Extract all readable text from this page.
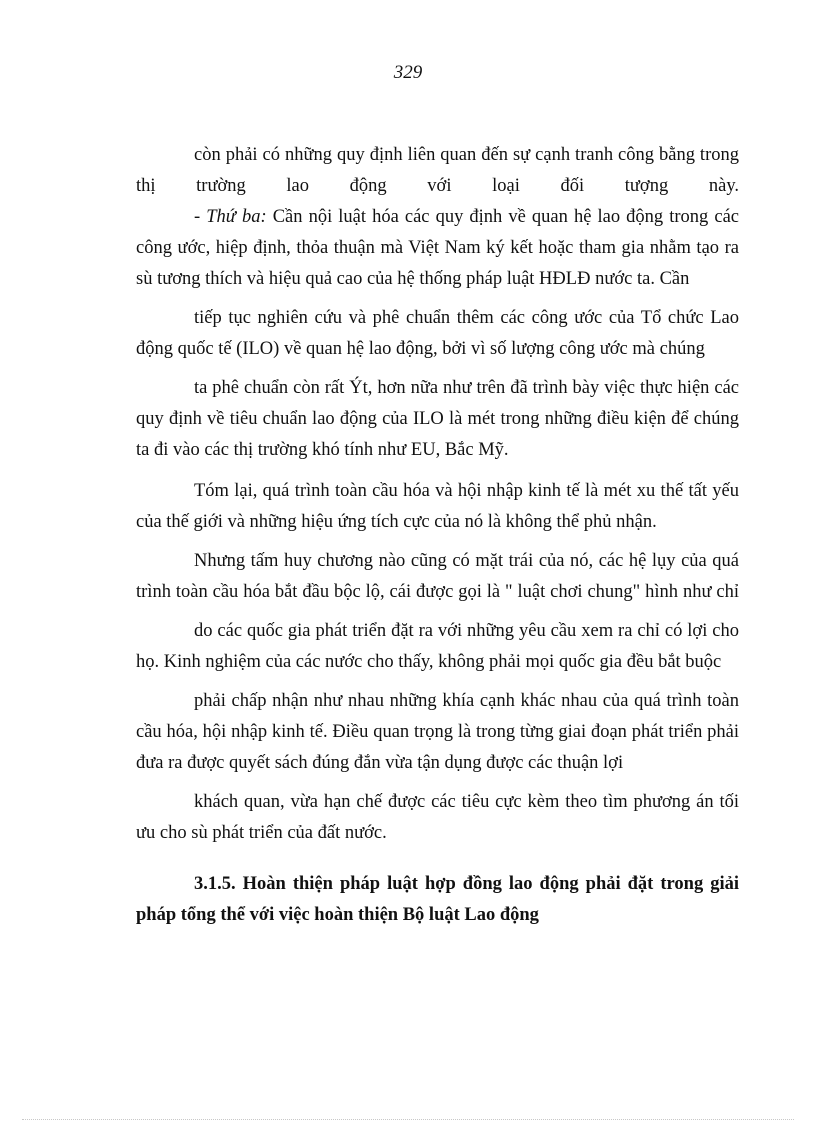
329

còn phải có những quy định liên quan đến sự cạnh tranh công bằng trong thị trường lao động với loại đối tượng này.

- Thứ ba: Cần nội luật hóa các quy định về quan hệ lao động trong các công ước, hiệp định, thỏa thuận mà Việt Nam ký kết hoặc tham gia nhằm tạo ra sù tương thích và hiệu quả cao của hệ thống pháp luật HĐLĐ nước ta. Cần

tiếp tục nghiên cứu và phê chuẩn thêm các công ước của Tổ chức Lao động quốc tế (ILO) về quan hệ lao động, bởi vì số lượng công ước mà chúng

ta phê chuẩn còn rất Ýt, hơn nữa như trên đã trình bày việc thực hiện các quy định về tiêu chuẩn lao động của ILO là mét trong những điều kiện để chúng ta đi vào các thị trường khó tính như EU, Bắc Mỹ.

Tóm lại, quá trình toàn cầu hóa và hội nhập kinh tế là mét xu thế tất yếu của thế giới và những hiệu ứng tích cực của nó là không thể phủ nhận.

Nhưng tấm huy chương nào cũng có mặt trái của nó, các hệ lụy của quá trình toàn cầu hóa bắt đầu bộc lộ, cái được gọi là " luật chơi chung" hình như chỉ

do các quốc gia phát triển đặt ra với những yêu cầu xem ra chỉ có lợi cho họ. Kinh nghiệm của các nước cho thấy, không phải mọi quốc gia đều bắt buộc

phải chấp nhận như nhau những khía cạnh khác nhau của quá trình toàn cầu hóa, hội nhập kinh tế. Điều quan trọng là trong từng giai đoạn phát triển phải đưa ra được quyết sách đúng đắn vừa tận dụng được các thuận lợi

khách quan, vừa hạn chế được các tiêu cực kèm theo tìm phương án tối ưu cho sù phát triển của đất nước.

3.1.5. Hoàn thiện pháp luật hợp đồng lao động phải đặt trong giải pháp tổng thể với việc hoàn thiện Bộ luật Lao động
